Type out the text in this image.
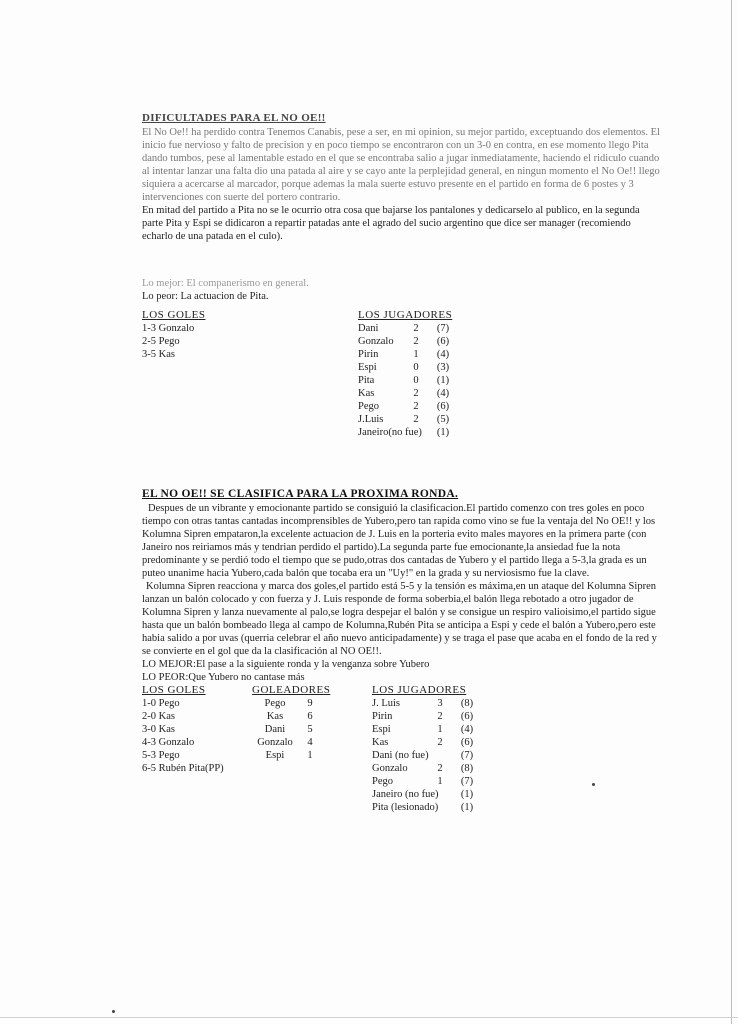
DIFICULTADES PARA EL NO OE!!

El No Oe!! ha perdido contra Tenemos Canabis, pese a ser, en mi opinion, su mejor partido, exceptuando dos elementos. El inicio fue nervioso y falto de precision y en poco tiempo se encontraron con un 3-0 en contra, en ese momento llego Pita dando tumbos, pese al lamentable estado en el que se encontraba salio a jugar inmediatamente, haciendo el ridiculo cuando al intentar lanzar una falta dio una patada al aire y se cayo ante la perplejidad general, en ningun momento el No Oe!! llego siquiera a acercarse al marcador, porque ademas la mala suerte estuvo presente en el partido en forma de 6 postes y 3 intervenciones con suerte del portero contrario.

En mitad del partido a Pita no se le ocurrio otra cosa que bajarse los pantalones y dedicarselo al publico, en la segunda parte Pita y Espi se didicaron a repartir patadas ante el agrado del sucio argentino que dice ser manager (recomiendo echarlo de una patada en el culo).

Lo mejor: El companerismo en general.
Lo peor: La actuacion de Pita.
LOS GOLES
1-3 Gonzalo
2-5 Pego
3-5 Kas
LOS JUGADORES
Dani	2 (7)
Gonzalo 2 (6)
Pirin	1 (4)
Espi	0 (3)
Pita	0 (1)
Kas	2 (4)
Pego	2 (6)
J.Luis	2 (5)
Janeiro(no fue) (1)
EL NO OE!! SE CLASIFICA PARA LA PROXIMA RONDA.

Despues de un vibrante y emocionante partido se consiguió la clasificacion.El partido comenzo con tres goles en poco tiempo con otras tantas cantadas incomprensibles de Yubero,pero tan rapida como vino se fue la ventaja del No OE!! y los Kolumna Sipren empataron,la excelente actuacion de J. Luis en la porteria evito males mayores en la primera parte (con Janeiro nos reiriamos más y tendrian perdido el partido).La segunda parte fue emocionante,la ansiedad fue la nota predominante y se perdió todo el tiempo que se pudo,otras dos cantadas de Yubero y el partido llega a 5-3,la grada es un puteo unanime hacia Yubero,cada balón que tocaba era un "Uy!" en la grada y su nerviosismo fue la clave.

Kolumna Sipren reacciona y marca dos goles,el partido está 5-5 y la tensión es máxima,en un ataque del Kolumna Sipren lanzan un balón colocado y con fuerza y J. Luis responde de forma soberbia,el balón llega rebotado a otro jugador de Kolumna Sipren y lanza nuevamente al palo,se logra despejar el balón y se consigue un respiro valioisimo,el partido sigue hasta que un balón bombeado llega al campo de Kolumna,Rubén Pita se anticipa a Espi y cede el balón a Yubero,pero este habia salido a por uvas (querria celebrar el año nuevo anticipadamente) y se traga el pase que acaba en el fondo de la red y se convierte en el gol que da la clasificación al NO OE!!.

LO MEJOR:El pase a la siguiente ronda y la venganza sobre Yubero
LO PEOR:Que Yubero no cantase más
LOS GOLES
1-0 Pego
2-0 Kas
3-0 Kas
4-3 Gonzalo
5-3 Pego
6-5 Rubén Pita(PP)
GOLEADORES
Pego 9
Kas 6
Dani 5
Gonzalo 4
Espi 1
LOS JUGADORES
J. Luis	3 (8)
Pirin	2 (6)
Espi	1 (4)
Kas	2 (6)
Dani (no fue)	(7)
Gonzalo	2 (8)
Pego	1 (7)
Janeiro (no fue) (1)
Pita (lesionado) (1)
